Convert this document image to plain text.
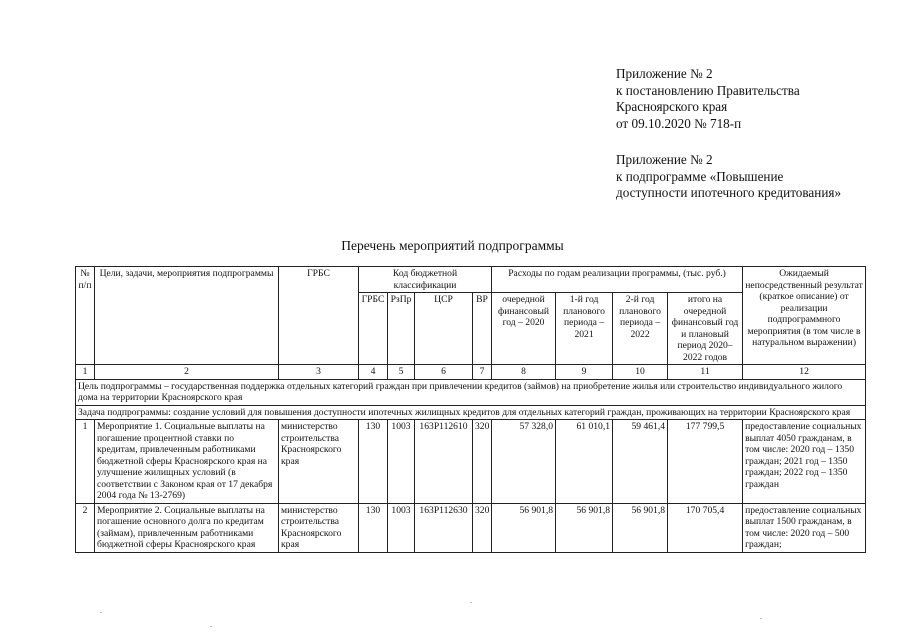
Приложение № 2
к постановлению Правительства
Красноярского края
от 09.10.2020 № 718-п
Приложение № 2
к подпрограмме «Повышение
доступности ипотечного кредитования»
Перечень мероприятий подпрограммы
№ п/п	Цели, задачи, мероприятия подпрограммы	ГРБС	Код бюджетной классификации				Расходы по годам реализации программы, (тыс. руб.)				Ожидаемый непосредственный результат (краткое описание) от реализации подпрограммного мероприятия (в том числе в натуральном выражении)
			ГРБС	РзПр	ЦСР	ВР	очередной финансовый год – 2020	1-й год планового периода – 2021	2-й год планового периода – 2022	итого на очередной финансовый год и плановый период 2020–2022 годов	
1	2	3	4	5	6	7	8	9	10	11	12
Цель подпрограммы – государственная поддержка отдельных категорий граждан при привлечении кредитов (займов) на приобретение жилья или строительство индивидуального жилого дома на территории Красноярского края											
Задача подпрограммы: создание условий для повышения доступности ипотечных жилищных кредитов для отдельных категорий граждан, проживающих на территории Красноярского края											
1	Мероприятие 1. Социальные выплаты на погашение процентной ставки по кредитам, привлеченным работниками бюджетной сферы Красноярского края на улучшение жилищных условий (в соответствии с Законом края от 17 декабря 2004 года № 13-2769)	министерство строительства Красноярского края	130	1003	163Р112610	320	57 328,0	61 010,1	59 461,4	177 799,5	предоставление социальных выплат 4050 гражданам, в том числе: 2020 год – 1350 граждан; 2021 год – 1350 граждан; 2022 год – 1350 граждан
2	Мероприятие 2. Социальные выплаты на погашение основного долга по кредитам (займам), привлеченным работниками бюджетной сферы Красноярского края	министерство строительства Красноярского края	130	1003	163Р112630	320	56 901,8	56 901,8	56 901,8	170 705,4	предоставление социальных выплат 1500 гражданам, в том числе: 2020 год – 500 граждан;
